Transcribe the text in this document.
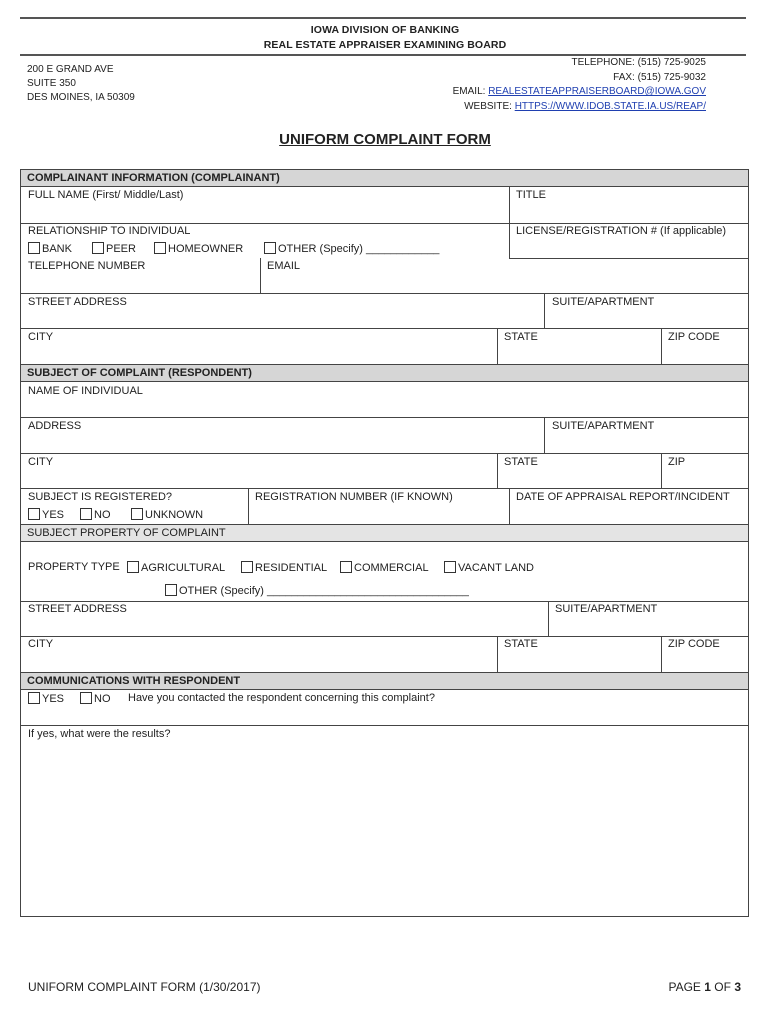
IOWA DIVISION OF BANKING
REAL ESTATE APPRAISER EXAMINING BOARD
200 E GRAND AVE
SUITE 350
DES MOINES, IA 50309
TELEPHONE: (515) 725-9025
FAX: (515) 725-9032
EMAIL: REALESTATEAPPRAISERBOARD@IOWA.GOV
WEBSITE: HTTPS://WWW.IDOB.STATE.IA.US/REAP/
UNIFORM COMPLAINT FORM
COMPLAINANT INFORMATION (COMPLAINANT)
FULL NAME (First/ Middle/Last)	TITLE
RELATIONSHIP TO INDIVIDUAL	LICENSE/REGISTRATION # (If applicable)
BANK	PEER	HOMEOWNER	OTHER (Specify) ____________
TELEPHONE NUMBER	EMAIL
STREET ADDRESS	SUITE/APARTMENT
CITY	STATE	ZIP CODE
SUBJECT OF COMPLAINT (RESPONDENT)
NAME OF INDIVIDUAL
ADDRESS	SUITE/APARTMENT
CITY	STATE	ZIP
SUBJECT IS REGISTERED?
YES	NO	UNKNOWN
REGISTRATION NUMBER (IF KNOWN)	DATE OF APPRAISAL REPORT/INCIDENT
SUBJECT PROPERTY OF COMPLAINT
PROPERTY TYPE	AGRICULTURAL	RESIDENTIAL	COMMERCIAL	VACANT LAND
OTHER (Specify) _________________________________
STREET ADDRESS	SUITE/APARTMENT
CITY	STATE	ZIP CODE
COMMUNICATIONS WITH RESPONDENT
YES	NO Have you contacted the respondent concerning this complaint?
If yes, what were the results?
UNIFORM COMPLAINT FORM (1/30/2017)	PAGE 1 OF 3
